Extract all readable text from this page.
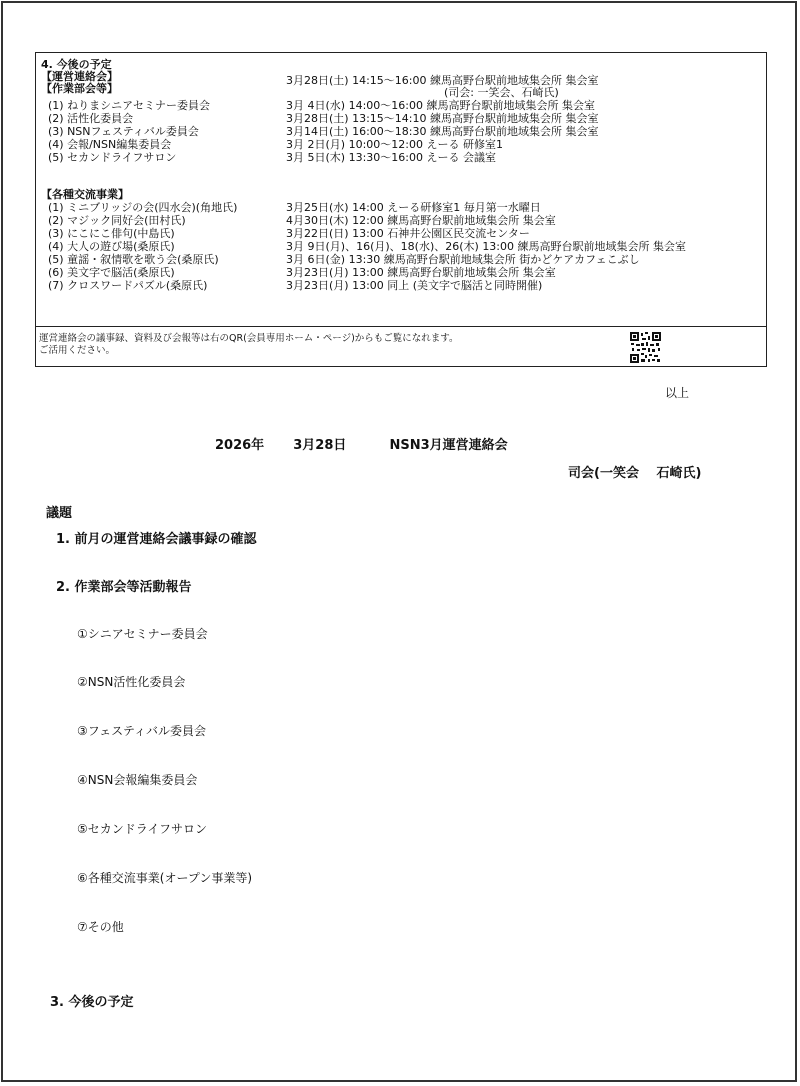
4. 今後の予定
【運営連絡会】	3月28日(土) 14:15〜16:00 練馬高野台駅前地域集会所 集会室
(司会: 一笑会、石崎氏)
【作業部会等】
(1) ねりまシニアセミナー委員会	3月 4日(水) 14:00〜16:00 練馬高野台駅前地域集会所 集会室
(2) 活性化委員会	3月28日(土) 13:15〜14:10 練馬高野台駅前地域集会所 集会室
(3) NSNフェスティバル委員会	3月14日(土) 16:00〜18:30 練馬高野台駅前地域集会所 集会室
(4) 会報/NSN編集委員会	3月 2日(月) 10:00〜12:00 えーる 研修室1
(5) セカンドライフサロン	3月 5日(木) 13:30〜16:00 えーる 会議室
【各種交流事業】
(1) ミニブリッジの会(四水会)(角地氏)	3月25日(水) 14:00 えーる研修室1 毎月第一水曜日
(2) マジック同好会(田村氏)	4月30日(木) 12:00 練馬高野台駅前地域集会所 集会室
(3) にこにこ俳句(中島氏)	3月22日(日) 13:00 石神井公園区民交流センター
(4) 大人の遊び場(桑原氏)	3月 9日(月)、16(月)、18(水)、26(木) 13:00 練馬高野台駅前地域集会所 集会室
(5) 童謡・叙情歌を歌う会(桑原氏)	3月 6日(金) 13:30 練馬高野台駅前地域集会所 街かどケアカフェこぶし
(6) 美文字で脳活(桑原氏)	3月23日(月) 13:00 練馬高野台駅前地域集会所 集会室
(7) クロスワードパズル(桑原氏)	3月23日(月) 13:00 同上 (美文字で脳活と同時開催)
運営連絡会の議事録、資料及び会報等は右のQR(会員専用ホーム・ページ)からもご覧になれます。
ご活用ください。
以上
2026年 3月28日	NSN3月運営連絡会
司会(一笑会　 石崎氏)
議題
1. 前月の運営連絡会議事録の確認
2. 作業部会等活動報告
①シニアセミナー委員会
②NSN活性化委員会
③フェスティバル委員会
④NSN会報編集委員会
⑤セカンドライフサロン
⑥各種交流事業(オープン事業等)
⑦その他
3. 今後の予定
